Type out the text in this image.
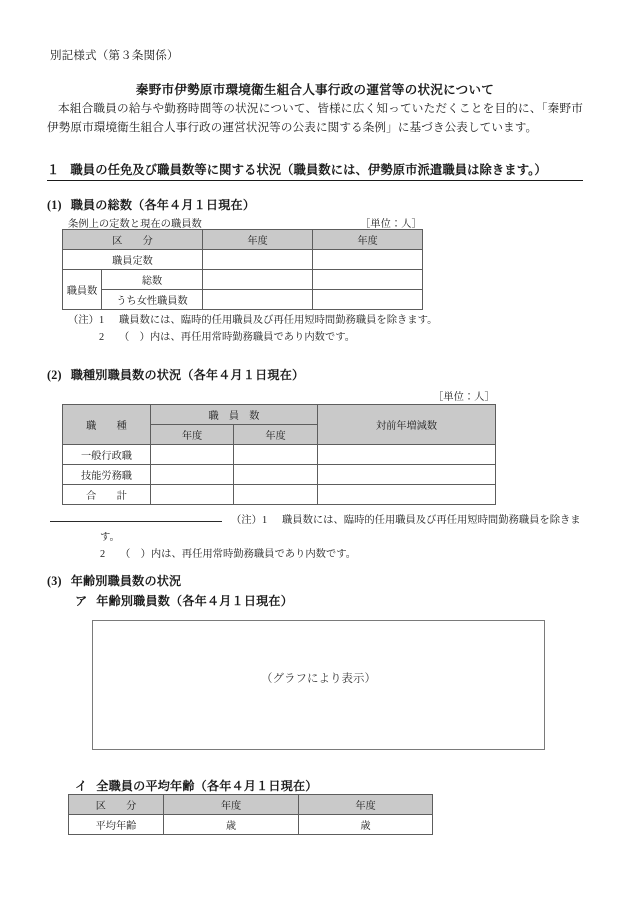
別記様式（第３条関係）
秦野市伊勢原市環境衛生組合人事行政の運営等の状況について
本組合職員の給与や勤務時間等の状況について、皆様に広く知っていただくことを目的に、「秦野市伊勢原市環境衛生組合人事行政の運営状況等の公表に関する条例」に基づき公表しています。
１ 職員の任免及び職員数等に関する状況（職員数には、伊勢原市派遣職員は除きます。）
(1) 職員の総数（各年４月１日現在）
条例上の定数と現在の職員数	［単位：人］
区　　分		年度	年度
職員定数			
職員数	総数		
	うち女性職員数		
（注）1 職員数には、臨時的任用職員及び再任用短時間勤務職員を除きます。
2 （　）内は、再任用常時勤務職員であり内数です。
(2) 職種別職員数の状況（各年４月１日現在）
［単位：人］
職　　種	職　員　数		対前年増減数
	年度	年度	
一般行政職			
技能労務職			
合　　計			
（注）1 職員数には、臨時的任用職員及び再任用短時間勤務職員を除きま
す。
2 （　）内は、再任用常時勤務職員であり内数です。
(3) 年齢別職員数の状況
ア 年齢別職員数（各年４月１日現在）
（グラフにより表示）
イ 全職員の平均年齢（各年４月１日現在）
区　　分	年度	年度
平均年齢	歳	歳
